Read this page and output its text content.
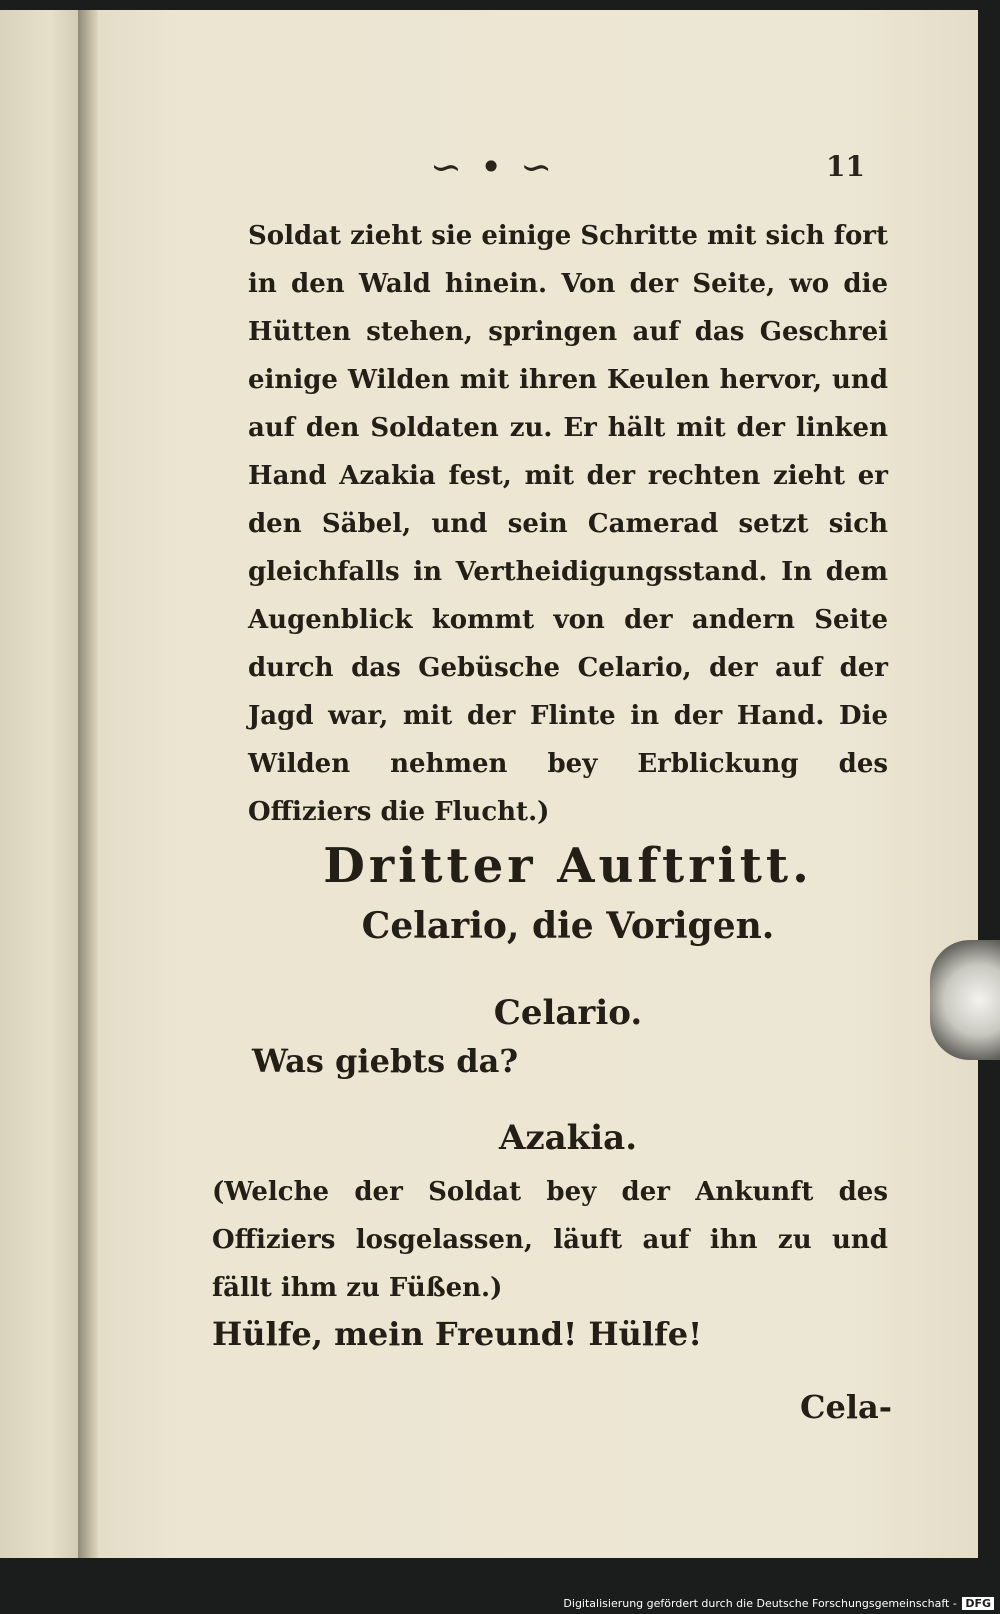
∽•∽	11
Soldat zieht sie einige Schritte mit sich fort in den Wald hinein. Von der Seite, wo die Hütten stehen, springen auf das Geschrei einige Wilden mit ihren Keulen hervor, und auf den Soldaten zu. Er hält mit der linken Hand Azakia fest, mit der rechten zieht er den Säbel, und sein Camerad setzt sich gleichfalls in Vertheidigungsstand. In dem Augenblick kommt von der andern Seite durch das Gebüsche Celario, der auf der Jagd war, mit der Flinte in der Hand. Die Wilden nehmen bey Erblickung des Offiziers die Flucht.)
Dritter Auftritt.
Celario, die Vorigen.
Celario.
Was giebts da?
Azakia.
(Welche der Soldat bey der Ankunft des Offiziers losgelassen, läuft auf ihn zu und fällt ihm zu Füßen.)
Hülfe, mein Freund! Hülfe!
Cela-
Digitalisierung gefördert durch die Deutsche Forschungsgemeinschaft - DFG
